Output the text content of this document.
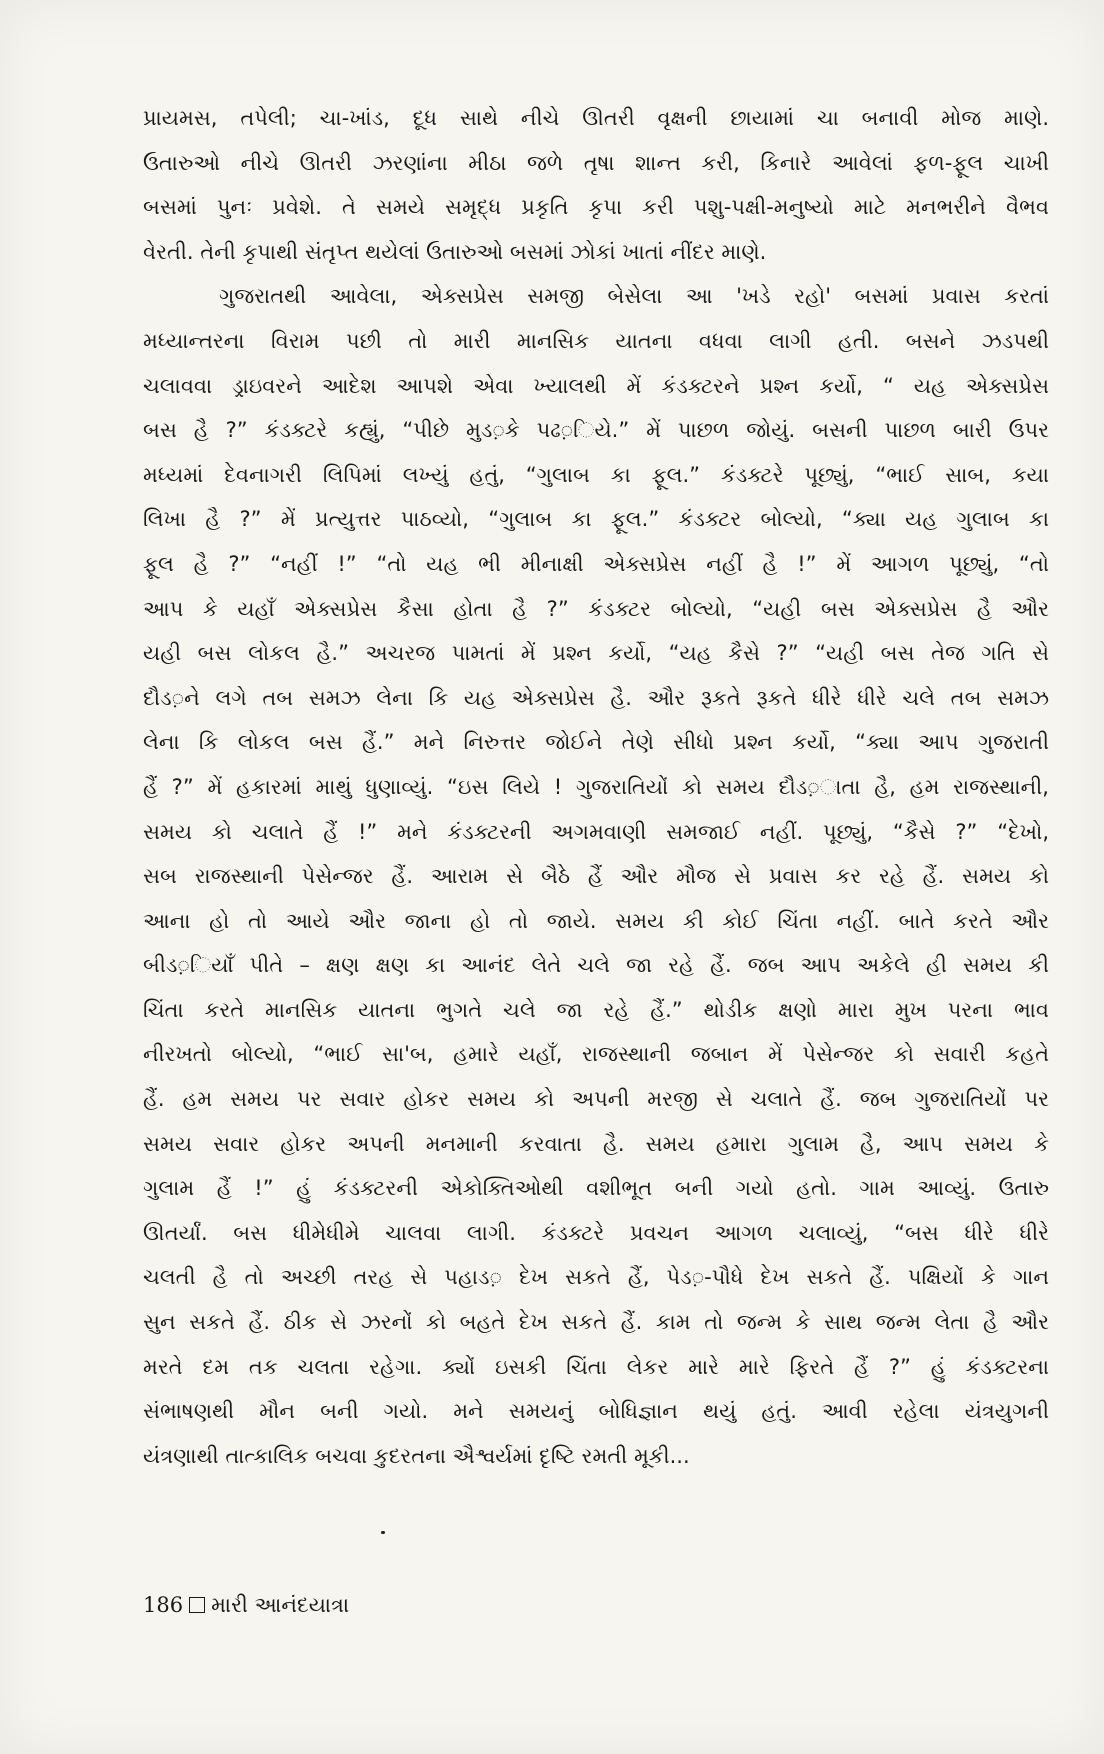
પ્રાયમસ, તપેલી; ચા-ખાંડ, દૂધ સાથે નીચે ઊતરી વૃક્ષની છાયામાં ચા બનાવી મોજ માણે.
ઉતારુઓ નીચે ઊતરી ઝરણાંના મીઠા જળે તૃષા શાન્ત કરી, કિનારે આવેલાં ફળ-ફૂલ ચાખી
બસમાં પુનઃ પ્રવેશે. તે સમયે સમૃદ્ધ પ્રકૃતિ કૃપા કરી પશુ-પક્ષી-મનુષ્યો માટે મનભરીને વૈભવ
વેરતી. તેની કૃપાથી સંતૃપ્ત થયેલાં ઉતારુઓ બસમાં ઝોકાં ખાતાં નીંદર માણે.
ગુજરાતથી આવેલા, એક્સપ્રેસ સમજી બેસેલા આ 'ખડે રહો' બસમાં પ્રવાસ કરતાં
મધ્યાન્તરના વિરામ પછી તો મારી માનસિક યાતના વધવા લાગી હતી. બસને ઝડપથી
ચલાવવા ડ્રાઇવરને આદેશ આપશે એવા ખ્યાલથી મેં કંડક્ટરને પ્રશ્ન કર્યો, “ યહ એક્સપ્રેસ
બસ હૈ ?” કંડક્ટરે કહ્યું, “પીછે મુડ़કે પઢ़િયે.” મેં પાછળ જોયું. બસની પાછળ બારી ઉપર
મધ્યમાં દેવનાગરી લિપિમાં લખ્યું હતું, “ગુલાબ કા ફૂલ.” કંડક્ટરે પૂછ્યું, “ભાઈ સાબ, કયા
લિખા હૈ ?” મેં પ્રત્યુત્તર પાઠવ્યો, “ગુલાબ કા ફૂલ.” કંડક્ટર બોલ્યો, “ક્યા યહ ગુલાબ કા
ફૂલ હૈ ?” “નહીં !” “તો યહ ભી મીનાક્ષી એક્સપ્રેસ નહીં હૈ !” મેં આગળ પૂછ્યું, “તો
આપ કે યહાઁ એક્સપ્રેસ કૈસા હોતા હૈ ?” કંડક્ટર બોલ્યો, “યહી બસ એક્સપ્રેસ હૈ ઔર
યહી બસ લોકલ હૈ.” અચરજ પામતાં મેં પ્રશ્ન કર્યો, “યહ કૈસે ?” “યહી બસ તેજ ગતિ સે
દૌડ़ને લગે તબ સમઝ લેના કિ યહ એક્સપ્રેસ હૈ. ઔર રૂકતે રૂકતે ધીરે ધીરે ચલે તબ સમઝ
લેના કિ લોકલ બસ હૈં.” મને નિરુત્તર જોઈને તેણે સીધો પ્રશ્ન કર્યો, “ક્યા આપ ગુજરાતી
હૈં ?” મેં હકારમાં માથું ધુણાવ્યું. “ઇસ લિયે ! ગુજરાતિયોં કો સમય દૌડ़ાતા હૈ, હમ રાજસ્થાની,
સમય કો ચલાતે હૈં !” મને કંડક્ટરની અગમવાણી સમજાઈ નહીં. પૂછ્યું, “કૈસે ?” “દેખો,
સબ રાજસ્થાની પેસેન્જર હૈં. આરામ સે બૈઠે હૈં ઔર મૌજ સે પ્રવાસ કર રહે હૈં. સમય કો
આના હો તો આયે ઔર જાના હો તો જાયે. સમય કી કોઈ ચિંતા નહીં. બાતે કરતે ઔર
બીડ़િયાઁ પીતે – ક્ષણ ક્ષણ કા આનંદ લેતે ચલે જા રહે હૈં. જબ આપ અકેલે હી સમય કી
ચિંતા કરતે માનસિક યાતના ભુગતે ચલે જા રહે હૈં.” થોડીક ક્ષણો મારા મુખ પરના ભાવ
નીરખતો બોલ્યો, “ભાઈ સા'બ, હમારે યહાઁ, રાજસ્થાની જબાન મેં પેસેન્જર કો સવારી કહતે
હૈં. હમ સમય પર સવાર હોકર સમય કો અપની મરજી સે ચલાતે હૈં. જબ ગુજરાતિયોં પર
સમય સવાર હોકર અપની મનમાની કરવાતા હૈ. સમય હમારા ગુલામ હૈ, આપ સમય કે
ગુલામ હૈં !” હું કંડક્ટરની એકોક્તિઓથી વશીભૂત બની ગયો હતો. ગામ આવ્યું. ઉતારુ
ઊતર્યાં. બસ ધીમેધીમે ચાલવા લાગી. કંડક્ટરે પ્રવચન આગળ ચલાવ્યું, “બસ ધીરે ધીરે
ચલતી હૈ તો અચ્છી તરહ સે પહાડ़ દેખ સકતે હૈં, પેડ़-પૌધે દેખ સકતે હૈં. પક્ષિયોં કે ગાન
સુન સકતે હૈં. ઠીક સે ઝરનોં કો બહતે દેખ સકતે હૈં. કામ તો જન્મ કે સાથ જન્મ લેતા હૈ ઔર
મરતે દમ તક ચલતા રહેગા. ક્યોં ઇસકી ચિંતા લેકર મારે મારે ફિરતે હૈં ?” હું કંડક્ટરના
સંભાષણથી મૌન બની ગયો. મને સમયનું બોધિજ્ઞાન થયું હતું. આવી રહેલા યંત્રયુગની
યંત્રણાથી તાત્કાલિક બચવા કુદરતના ઐશ્વર્યમાં દૃષ્ટિ રમતી મૂકી...
186 મારી આનંદયાત્રા
